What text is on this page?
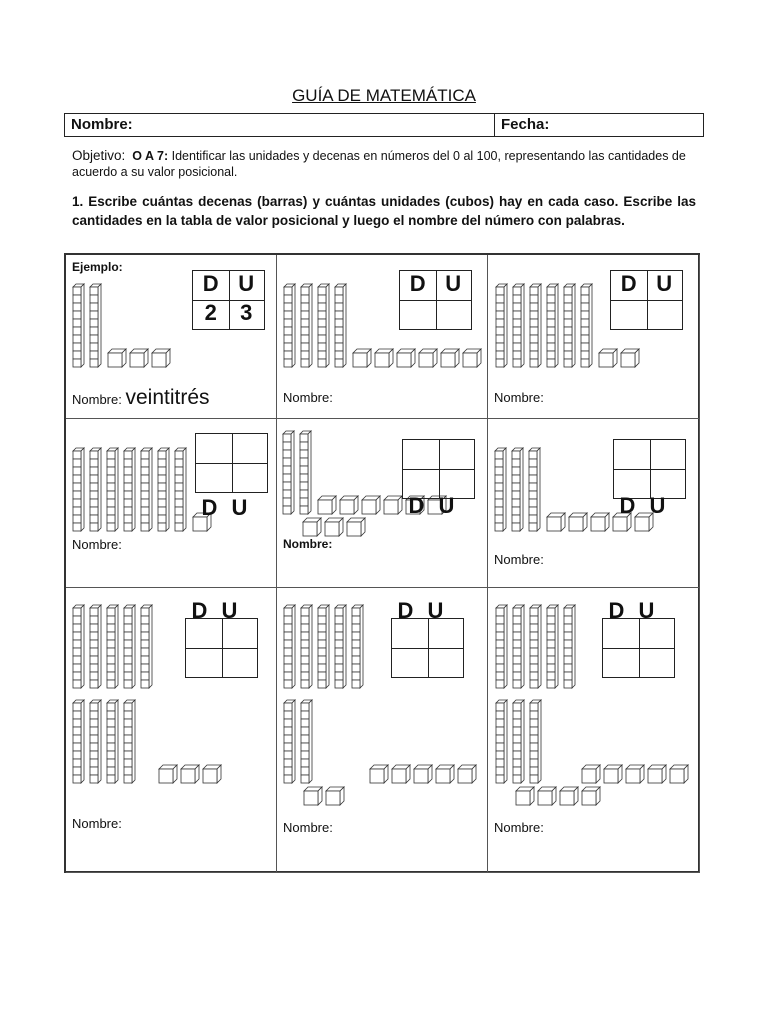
GUÍA DE MATEMÁTICA
Nombre:	Fecha:
Objetivo: O A 7: Identificar las unidades y decenas en números del 0 al 100, representando las cantidades de acuerdo a su valor posicional.
1. Escribe cuántas decenas (barras) y cuántas unidades (cubos) hay en cada caso. Escribe las cantidades en la tabla de valor posicional y luego el nombre del número con palabras.
Ejemplo:
D U
2	3
Nombre: veintitrés
D U
Nombre:
D U
Nombre:
D U
Nombre:
D U
Nombre:
D U
Nombre:
D U
Nombre:
D U
Nombre:
D U
Nombre:
